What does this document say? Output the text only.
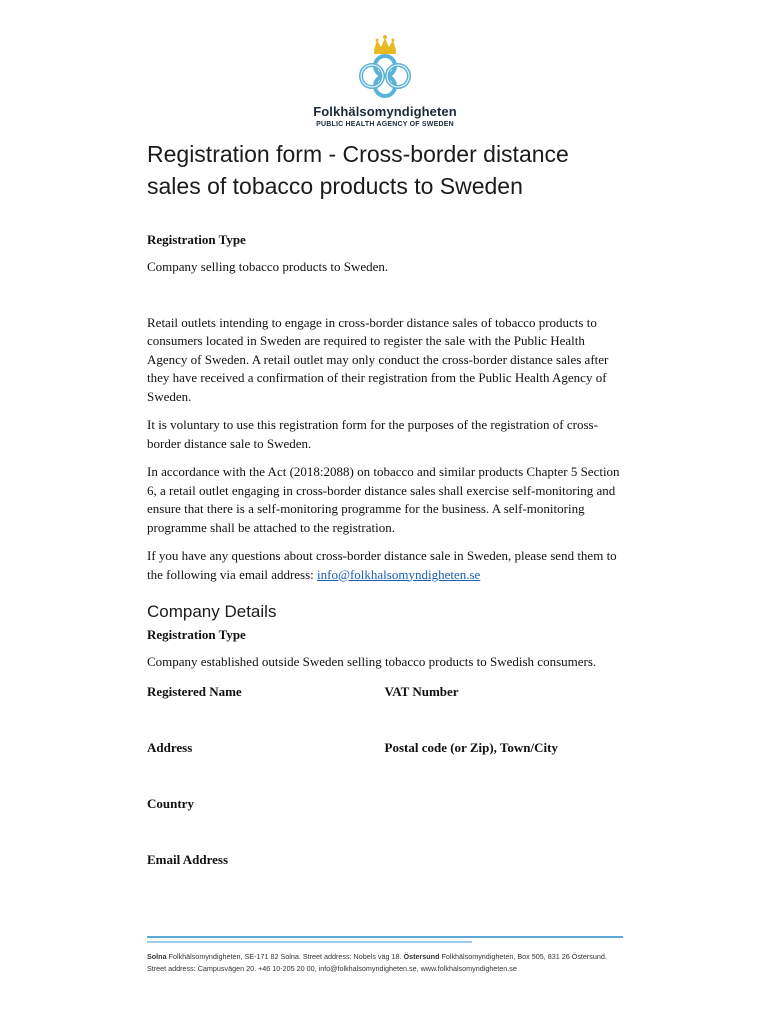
Folkhälsomyndigheten
PUBLIC HEALTH AGENCY OF SWEDEN
Registration form - Cross-border distance sales of tobacco products to Sweden
Registration Type

Company selling tobacco products to Sweden.

Retail outlets intending to engage in cross-border distance sales of tobacco products to consumers located in Sweden are required to register the sale with the Public Health Agency of Sweden. A retail outlet may only conduct the cross-border distance sales after they have received a confirmation of their registration from the Public Health Agency of Sweden.

It is voluntary to use this registration form for the purposes of the registration of cross-border distance sale to Sweden.

In accordance with the Act (2018:2088) on tobacco and similar products Chapter 5 Section 6, a retail outlet engaging in cross-border distance sales shall exercise self-monitoring and ensure that there is a self-monitoring programme for the business. A self-monitoring programme shall be attached to the registration.

If you have any questions about cross-border distance sale in Sweden, please send them to the following via email address: info@folkhalsomyndigheten.se

Company Details
Registration Type

Company established outside Sweden selling tobacco products to Swedish consumers.

Registered Name	VAT Number
Address	Postal code (or Zip), Town/City
Country
Email Address
Solna Folkhälsomyndigheten, SE-171 82 Solna. Street address: Nobels väg 18. Östersund Folkhälsomyndigheten, Box 505, 831 26 Östersund.
Street address: Campusvägen 20. +46 10-205 20 00, info@folkhalsomyndigheten.se, www.folkhalsomyndigheten.se
